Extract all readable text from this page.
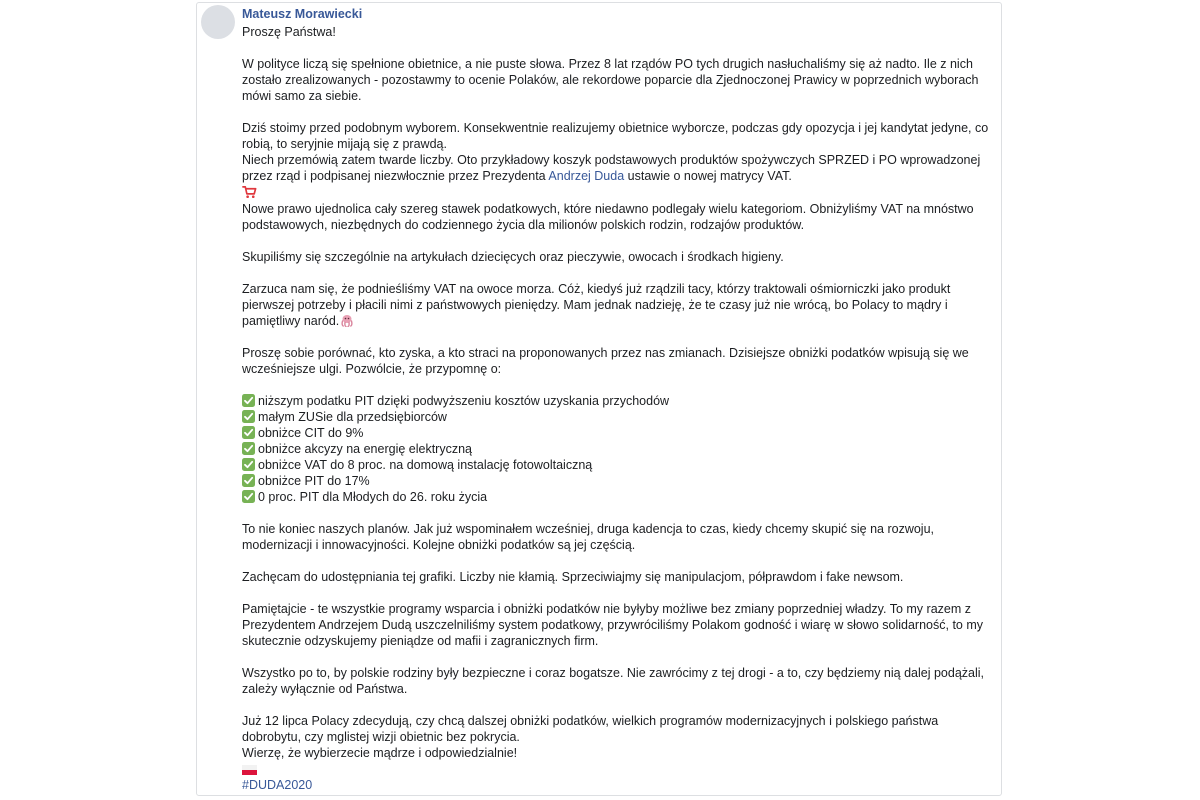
Mateusz Morawiecki

Proszę Państwa!

W polityce liczą się spełnione obietnice, a nie puste słowa. Przez 8 lat rządów PO tych drugich nasłuchaliśmy się aż nadto. Ile z nich zostało zrealizowanych - pozostawmy to ocenie Polaków, ale rekordowe poparcie dla Zjednoczonej Prawicy w poprzednich wyborach mówi samo za siebie.

Dziś stoimy przed podobnym wyborem. Konsekwentnie realizujemy obietnice wyborcze, podczas gdy opozycja i jej kandytat jedyne, co robią, to seryjnie mijają się z prawdą.
Niech przemówią zatem twarde liczby. Oto przykładowy koszyk podstawowych produktów spożywczych SPRZED i PO wprowadzonej przez rząd i podpisanej niezwłocznie przez Prezydenta Andrzej Duda ustawie o nowej matrycy VAT.
Nowe prawo ujednolica cały szereg stawek podatkowych, które niedawno podlegały wielu kategoriom. Obniżyliśmy VAT na mnóstwo podstawowych, niezbędnych do codziennego życia dla milionów polskich rodzin, rodzajów produktów.

Skupiliśmy się szczególnie na artykułach dziecięcych oraz pieczywie, owocach i środkach higieny.

Zarzuca nam się, że podnieśliśmy VAT na owoce morza. Cóż, kiedyś już rządzili tacy, którzy traktowali ośmiorniczki jako produkt pierwszej potrzeby i płacili nimi z państwowych pieniędzy. Mam jednak nadzieję, że te czasy już nie wrócą, bo Polacy to mądry i pamiętliwy naród.

Proszę sobie porównać, kto zyska, a kto straci na proponowanych przez nas zmianach. Dzisiejsze obniżki podatków wpisują się we wcześniejsze ulgi. Pozwólcie, że przypomnę o:

niższym podatku PIT dzięki podwyższeniu kosztów uzyskania przychodów
małym ZUSie dla przedsiębiorców
obniżce CIT do 9%
obniżce akcyzy na energię elektryczną
obniżce VAT do 8 proc. na domową instalację fotowoltaiczną
obniżce PIT do 17%
0 proc. PIT dla Młodych do 26. roku życia

To nie koniec naszych planów. Jak już wspominałem wcześniej, druga kadencja to czas, kiedy chcemy skupić się na rozwoju, modernizacji i innowacyjności. Kolejne obniżki podatków są jej częścią.

Zachęcam do udostępniania tej grafiki. Liczby nie kłamią. Sprzeciwiajmy się manipulacjom, półprawdom i fake newsom.

Pamiętajcie - te wszystkie programy wsparcia i obniżki podatków nie byłyby możliwe bez zmiany poprzedniej władzy. To my razem z Prezydentem Andrzejem Dudą uszczelniliśmy system podatkowy, przywróciliśmy Polakom godność i wiarę w słowo solidarność, to my skutecznie odzyskujemy pieniądze od mafii i zagranicznych firm.

Wszystko po to, by polskie rodziny były bezpieczne i coraz bogatsze. Nie zawrócimy z tej drogi - a to, czy będziemy nią dalej podążali, zależy wyłącznie od Państwa.

Już 12 lipca Polacy zdecydują, czy chcą dalszej obniżki podatków, wielkich programów modernizacyjnych i polskiego państwa dobrobytu, czy mglistej wizji obietnic bez pokrycia.
Wierzę, że wybierzecie mądrze i odpowiedzialnie!
#DUDA2020
